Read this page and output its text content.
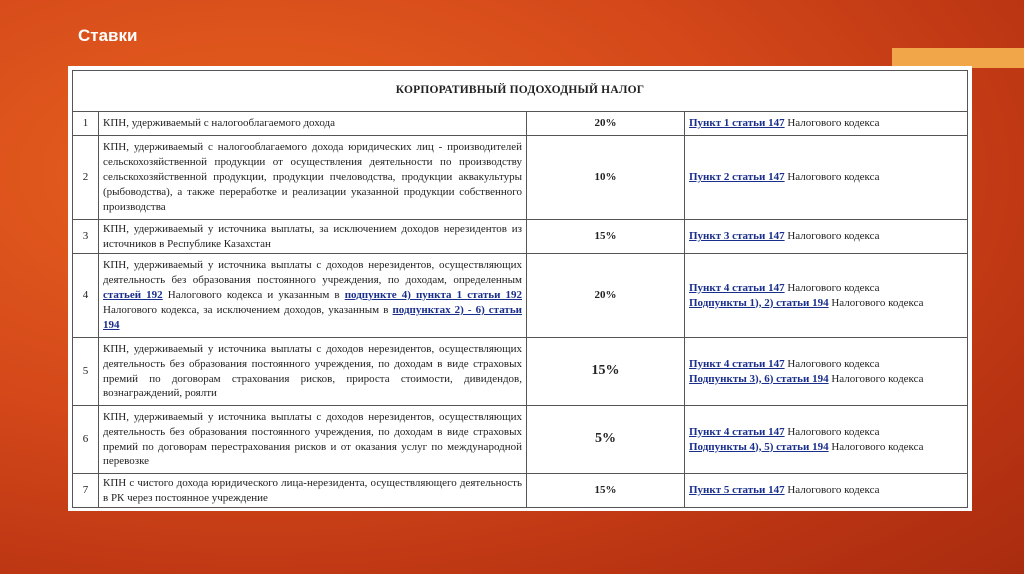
Ставки
КОРПОРАТИВНЫЙ ПОДОХОДНЫЙ НАЛОГ			
1	КПН, удерживаемый с налогооблагаемого дохода	20%	Пункт 1 статьи 147 Налогового кодекса
2	КПН, удерживаемый с налогооблагаемого дохода юридических лиц - производителей сельскохозяйственной продукции от осуществления деятельности по производству сельскохозяйственной продукции, продукции пчеловодства, продукции аквакультуры (рыбоводства), а также переработке и реализации указанной продукции собственного производства	10%	Пункт 2 статьи 147 Налогового кодекса
3	КПН, удерживаемый у источника выплаты, за исключением доходов нерезидентов из источников в Республике Казахстан	15%	Пункт 3 статьи 147 Налогового кодекса
4	КПН, удерживаемый у источника выплаты с доходов нерезидентов, осуществляющих деятельность без образования постоянного учреждения, по доходам, определенным статьей 192 Налогового кодекса и указанным в подпункте 4) пункта 1 статьи 192 Налогового кодекса, за исключением доходов, указанным в подпунктах 2) - 6) статьи 194	20%	Пункт 4 статьи 147 Налогового кодекса
Подпункты 1), 2) статьи 194 Налогового кодекса

5	КПН, удерживаемый у источника выплаты с доходов нерезидентов, осуществляющих деятельность без образования постоянного учреждения, по доходам в виде страховых премий по договорам страхования рисков, прироста стоимости, дивидендов, вознаграждений, роялти	15%	Пункт 4 статьи 147 Налогового кодекса
Подпункты 3), 6) статьи 194 Налогового кодекса

6	КПН, удерживаемый у источника выплаты с доходов нерезидентов, осуществляющих деятельность без образования постоянного учреждения, по доходам в виде страховых премий по договорам перестрахования рисков и от оказания услуг по международной перевозке	5%	Пункт 4 статьи 147 Налогового кодекса
Подпункты 4), 5) статьи 194 Налогового кодекса

7	КПН с чистого дохода юридического лица-нерезидента, осуществляющего деятельность в РК через постоянное учреждение	15%	Пункт 5 статьи 147 Налогового кодекса
